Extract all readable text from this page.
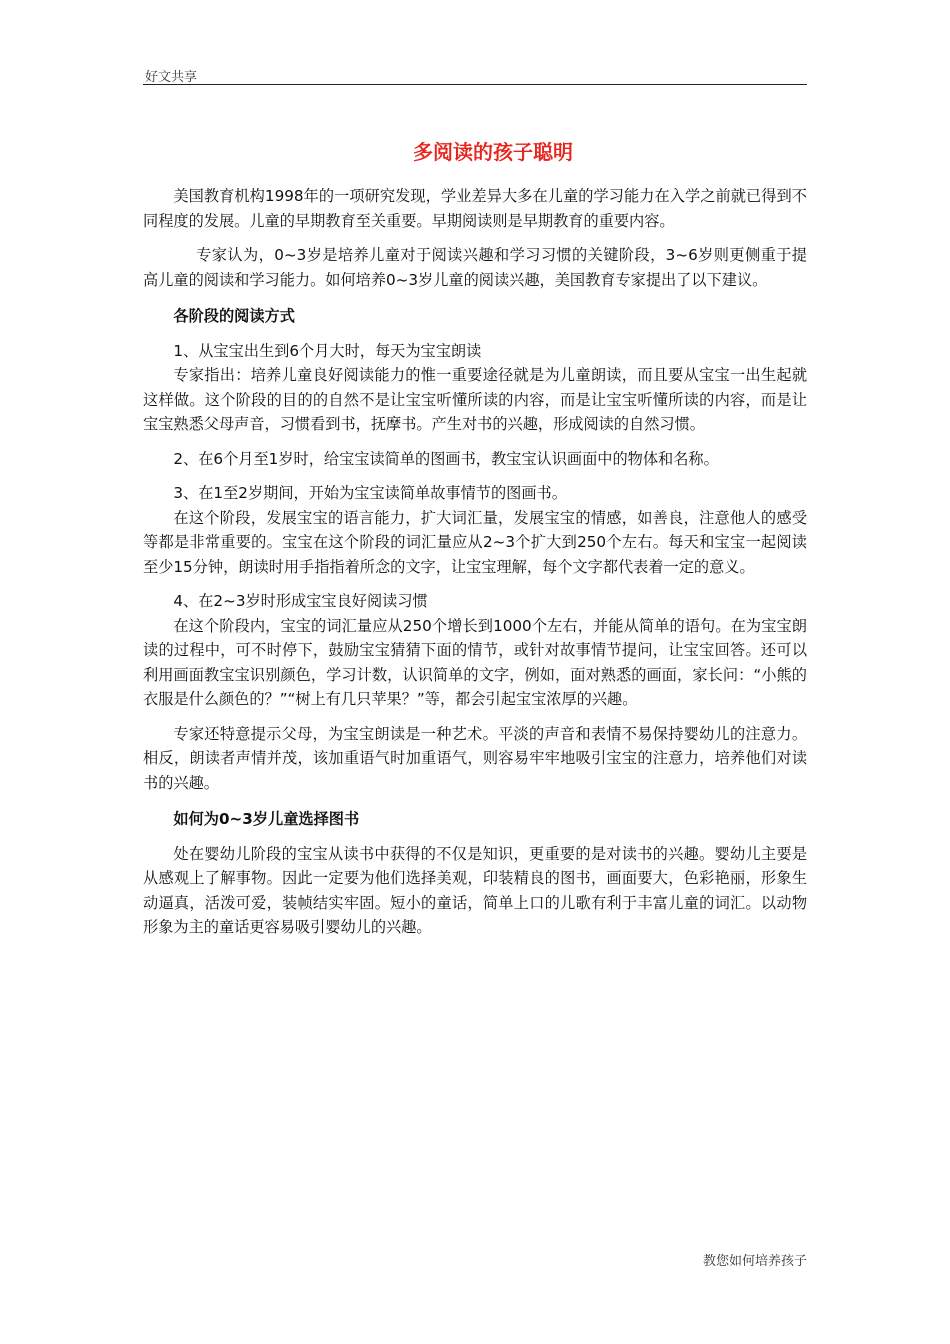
好文共享
多阅读的孩子聪明

美国教育机构1998年的一项研究发现，学业差异大多在儿童的学习能力在入学之前就已得到不同程度的发展。儿童的早期教育至关重要。早期阅读则是早期教育的重要内容。

专家认为，0~3岁是培养儿童对于阅读兴趣和学习习惯的关键阶段，3~6岁则更侧重于提高儿童的阅读和学习能力。如何培养0~3岁儿童的阅读兴趣，美国教育专家提出了以下建议。

各阶段的阅读方式

1、从宝宝出生到6个月大时，每天为宝宝朗读

专家指出：培养儿童良好阅读能力的惟一重要途径就是为儿童朗读，而且要从宝宝一出生起就这样做。这个阶段的目的的自然不是让宝宝听懂所读的内容，而是让宝宝听懂所读的内容，而是让宝宝熟悉父母声音，习惯看到书，抚摩书。产生对书的兴趣，形成阅读的自然习惯。

2、在6个月至1岁时，给宝宝读简单的图画书，教宝宝认识画面中的物体和名称。

3、在1至2岁期间，开始为宝宝读简单故事情节的图画书。

在这个阶段，发展宝宝的语言能力，扩大词汇量，发展宝宝的情感，如善良，注意他人的感受等都是非常重要的。宝宝在这个阶段的词汇量应从2~3个扩大到250个左右。每天和宝宝一起阅读至少15分钟，朗读时用手指指着所念的文字，让宝宝理解，每个文字都代表着一定的意义。

4、在2~3岁时形成宝宝良好阅读习惯

在这个阶段内，宝宝的词汇量应从250个增长到1000个左右，并能从简单的语句。在为宝宝朗读的过程中，可不时停下，鼓励宝宝猜猜下面的情节，或针对故事情节提问，让宝宝回答。还可以利用画面教宝宝识别颜色，学习计数，认识简单的文字，例如，面对熟悉的画面，家长问：“小熊的衣服是什么颜色的？”“树上有几只苹果？”等，都会引起宝宝浓厚的兴趣。

专家还特意提示父母，为宝宝朗读是一种艺术。平淡的声音和表情不易保持婴幼儿的注意力。相反，朗读者声情并茂，该加重语气时加重语气，则容易牢牢地吸引宝宝的注意力，培养他们对读书的兴趣。

如何为0~3岁儿童选择图书

处在婴幼儿阶段的宝宝从读书中获得的不仅是知识，更重要的是对读书的兴趣。婴幼儿主要是从感观上了解事物。因此一定要为他们选择美观，印装精良的图书，画面要大，色彩艳丽，形象生动逼真，活泼可爱，装帧结实牢固。短小的童话，简单上口的儿歌有利于丰富儿童的词汇。以动物形象为主的童话更容易吸引婴幼儿的兴趣。

教您如何培养孩子
